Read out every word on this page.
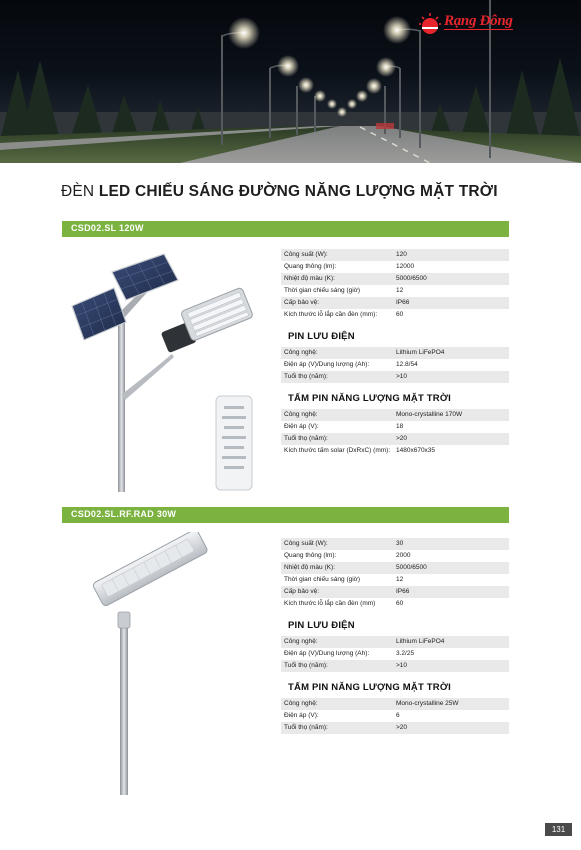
Rạng Đông
ĐÈN LED CHIẾU SÁNG ĐƯỜNG NĂNG LƯỢNG MẶT TRỜI
CSD02.SL 120W
Công suất (W):	120
Quang thông (lm):	12000
Nhiệt độ màu (K):	5000/6500
Thời gian chiếu sáng (giờ)	12
Cấp bảo vệ:	IP66
Kích thước lỗ lắp cần đèn (mm):	60
PIN LƯU ĐIỆN
Công nghệ:	Lithium LiFePO4
Điện áp (V)/Dung lượng (Ah):	12.8/54
Tuổi thọ (năm):	>10
TẤM PIN NĂNG LƯỢNG MẶT TRỜI
Công nghệ:	Mono-crystalline 170W
Điện áp (V):	18
Tuổi thọ (năm):	>20
Kích thước tấm solar (DxRxC) (mm): 1480x670x35
CSD02.SL.RF.RAD 30W
Công suất (W):	30
Quang thông (lm):	2000
Nhiệt độ màu (K):	5000/6500
Thời gian chiếu sáng (giờ)	12
Cấp bảo vệ:	IP66
Kích thước lỗ lắp cần đèn (mm)	60
PIN LƯU ĐIỆN
Công nghệ:	Lithium LiFePO4
Điện áp (V)/Dung lượng (Ah):	3.2/25
Tuổi thọ (năm):	>10
TẤM PIN NĂNG LƯỢNG MẶT TRỜI
Công nghệ:	Mono-crystalline 25W
Điện áp (V):	6
Tuổi thọ (năm):	>20
131
